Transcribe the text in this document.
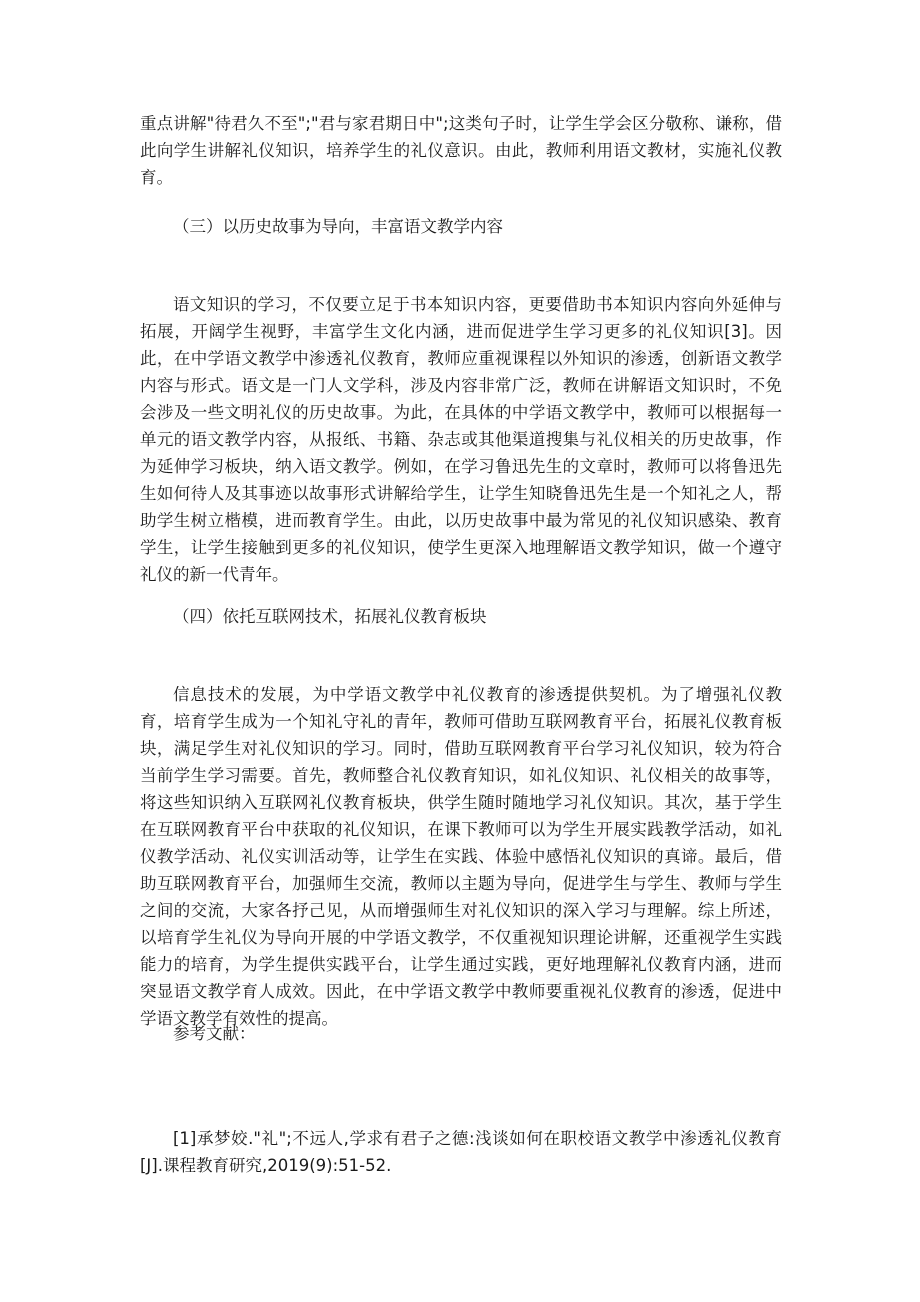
重点讲解"待君久不至";"君与家君期日中";这类句子时，让学生学会区分敬称、谦称，借此向学生讲解礼仪知识，培养学生的礼仪意识。由此，教师利用语文教材，实施礼仪教育。

（三）以历史故事为导向，丰富语文教学内容

语文知识的学习，不仅要立足于书本知识内容，更要借助书本知识内容向外延伸与拓展，开阔学生视野，丰富学生文化内涵，进而促进学生学习更多的礼仪知识[3]。因此，在中学语文教学中渗透礼仪教育，教师应重视课程以外知识的渗透，创新语文教学内容与形式。语文是一门人文学科，涉及内容非常广泛，教师在讲解语文知识时，不免会涉及一些文明礼仪的历史故事。为此，在具体的中学语文教学中，教师可以根据每一单元的语文教学内容，从报纸、书籍、杂志或其他渠道搜集与礼仪相关的历史故事，作为延伸学习板块，纳入语文教学。例如，在学习鲁迅先生的文章时，教师可以将鲁迅先生如何待人及其事迹以故事形式讲解给学生，让学生知晓鲁迅先生是一个知礼之人，帮助学生树立楷模，进而教育学生。由此，以历史故事中最为常见的礼仪知识感染、教育学生，让学生接触到更多的礼仪知识，使学生更深入地理解语文教学知识，做一个遵守礼仪的新一代青年。

（四）依托互联网技术，拓展礼仪教育板块

信息技术的发展，为中学语文教学中礼仪教育的渗透提供契机。为了增强礼仪教育，培育学生成为一个知礼守礼的青年，教师可借助互联网教育平台，拓展礼仪教育板块，满足学生对礼仪知识的学习。同时，借助互联网教育平台学习礼仪知识，较为符合当前学生学习需要。首先，教师整合礼仪教育知识，如礼仪知识、礼仪相关的故事等，将这些知识纳入互联网礼仪教育板块，供学生随时随地学习礼仪知识。其次，基于学生在互联网教育平台中获取的礼仪知识，在课下教师可以为学生开展实践教学活动，如礼仪教学活动、礼仪实训活动等，让学生在实践、体验中感悟礼仪知识的真谛。最后，借助互联网教育平台，加强师生交流，教师以主题为导向，促进学生与学生、教师与学生之间的交流，大家各抒己见，从而增强师生对礼仪知识的深入学习与理解。综上所述，以培育学生礼仪为导向开展的中学语文教学，不仅重视知识理论讲解，还重视学生实践能力的培育，为学生提供实践平台，让学生通过实践，更好地理解礼仪教育内涵，进而突显语文教学育人成效。因此，在中学语文教学中教师要重视礼仪教育的渗透，促进中学语文教学有效性的提高。

参考文献：

[1]承梦姣."礼";不远人,学求有君子之德:浅谈如何在职校语文教学中渗透礼仪教育[J].课程教育研究,2019(9):51-52.
